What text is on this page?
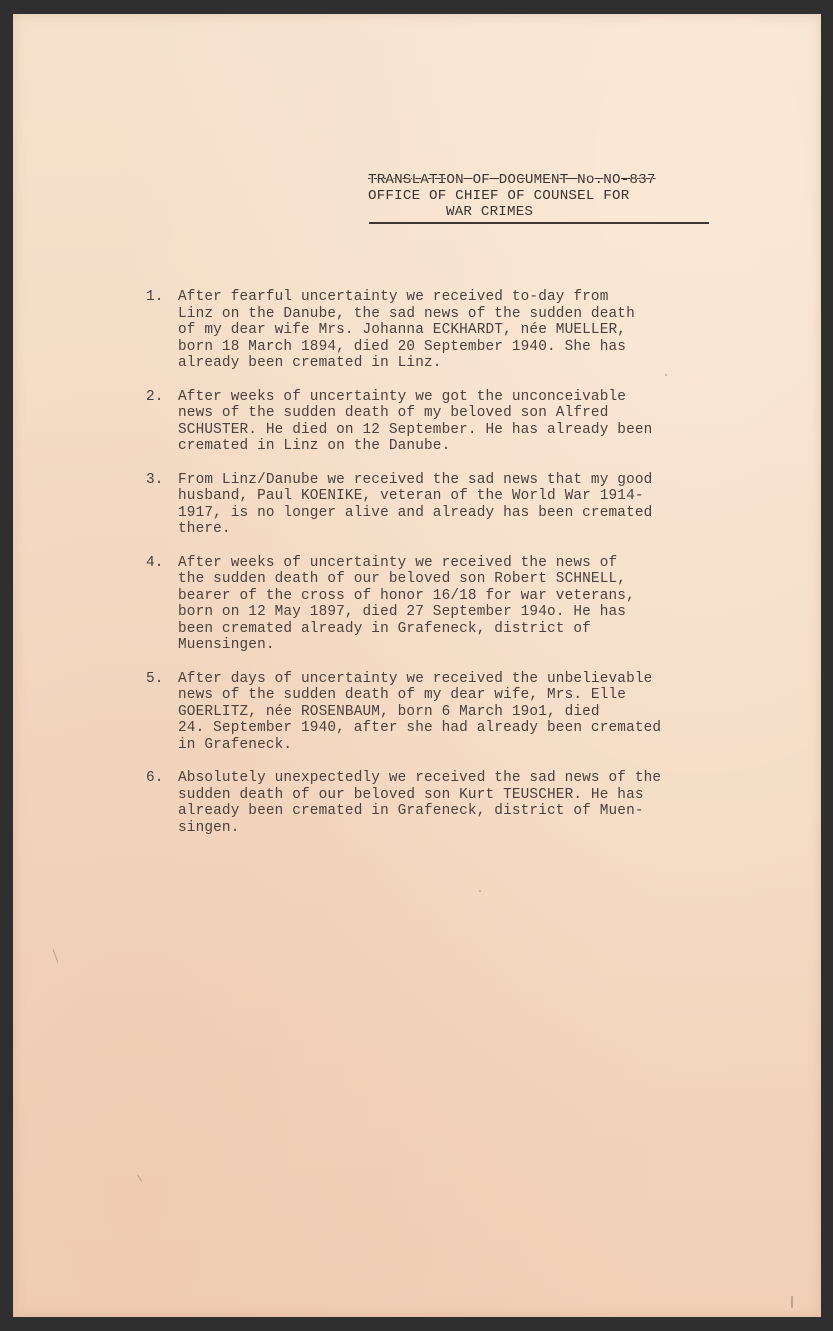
TRANSLATION OF DOCUMENT No.NO-837
OFFICE OF CHIEF OF COUNSEL FOR
WAR CRIMES
1.	After fearful uncertainty we received to-day from
Linz on the Danube, the sad news of the sudden death
of my dear wife Mrs. Johanna ECKHARDT, née MUELLER,
born 18 March 1894, died 20 September 1940. She has
already been cremated in Linz.
2.	After weeks of uncertainty we got the unconceivable
news of the sudden death of my beloved son Alfred
SCHUSTER. He died on 12 September. He has already been
cremated in Linz on the Danube.
3.	From Linz/Danube we received the sad news that my good
husband, Paul KOENIKE, veteran of the World War 1914-
1917, is no longer alive and already has been cremated
there.
4.	After weeks of uncertainty we received the news of
the sudden death of our beloved son Robert SCHNELL,
bearer of the cross of honor 16/18 for war veterans,
born on 12 May 1897, died 27 September 194o. He has
been cremated already in Grafeneck, district of
Muensingen.
5.	After days of uncertainty we received the unbelievable
news of the sudden death of my dear wife, Mrs. Elle
GOERLITZ, née ROSENBAUM, born 6 March 19o1, died
24. September 1940, after she had already been cremated
in Grafeneck.
6.	Absolutely unexpectedly we received the sad news of the
sudden death of our beloved son Kurt TEUSCHER. He has
already been cremated in Grafeneck, district of Muen-
singen.
